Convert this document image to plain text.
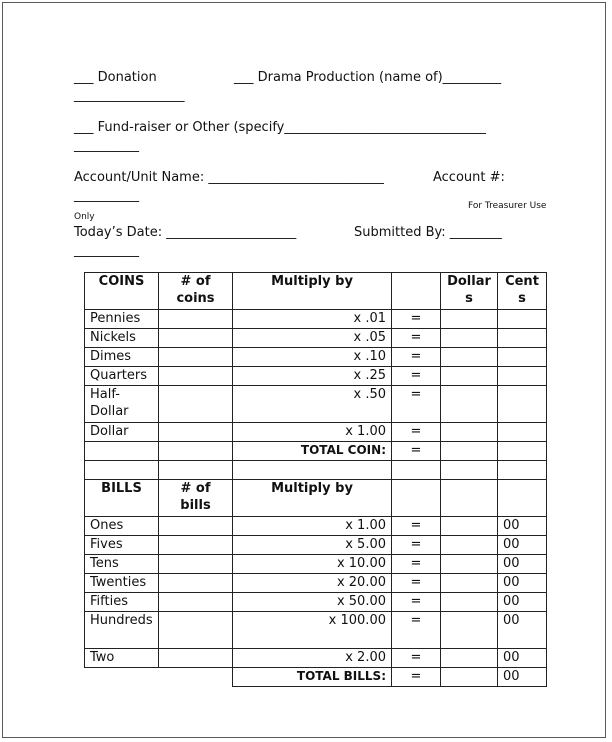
___ Donation	___ Drama Production (name of)_________
_________________
___ Fund-raiser or Other (specify_______________________________
__________
Account/Unit Name: ___________________________	Account #:
__________
For Treasurer Use
Only
Today’s Date: ____________________	Submitted By: ________
__________
COINS	# of coins	Multiply by		Dollar s	Cent s
Pennies		x .01	=		
Nickels		x .05	=		
Dimes		x .10	=		
Quarters		x .25	=		
Half-Dollar		x .50	=		
Dollar		x 1.00	=		
		TOTAL COIN:	=		

BILLS	# of bills	Multiply by			
Ones		x 1.00	=		00
Fives		x 5.00	=		00
Tens		x 10.00	=		00
Twenties		x 20.00	=		00
Fifties		x 50.00	=		00
Hundreds		x 100.00	=		00
Two		x 2.00	=		00
		TOTAL BILLS:	=		00
